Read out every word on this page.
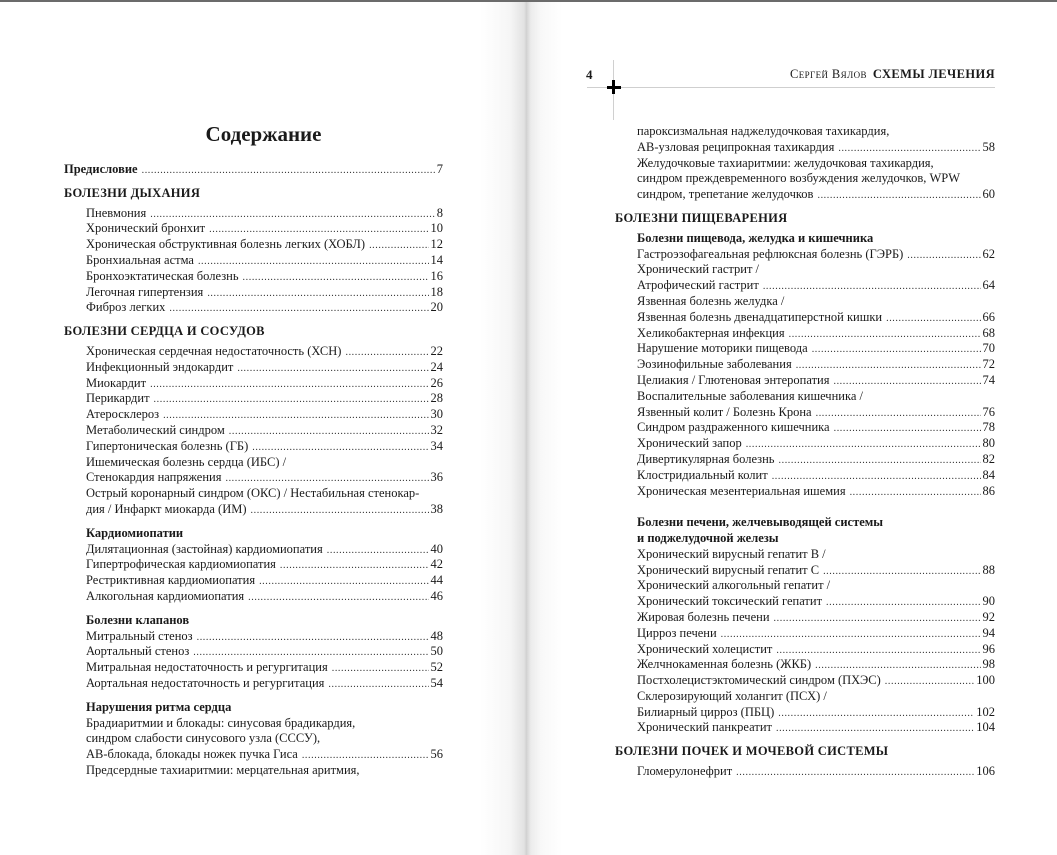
Содержание
Предисловие .....	7
БОЛЕЗНИ ДЫХАНИЯ
Пневмония .....	8
Хронический бронхит .....	10
Хроническая обструктивная болезнь легких (ХОБЛ) .....	12
Бронхиальная астма .....	14
Бронхоэктатическая болезнь .....	16
Легочная гипертензия .....	18
Фиброз легких .....	20
БОЛЕЗНИ СЕРДЦА И СОСУДОВ
Хроническая сердечная недостаточность (ХСН) .....	22
Инфекционный эндокардит .....	24
Миокардит .....	26
Перикардит .....	28
Атеросклероз .....	30
Метаболический синдром .....	32
Гипертоническая болезнь (ГБ) .....	34
Ишемическая болезнь сердца (ИБС) /
Стенокардия напряжения .....	36
Острый коронарный синдром (ОКС) / Нестабильная стенокар-
дия / Инфаркт миокарда (ИМ) .....	38
Кардиомиопатии
Дилятационная (застойная) кардиомиопатия .....	40
Гипертрофическая кардиомиопатия .....	42
Рестриктивная кардиомиопатия .....	44
Алкогольная кардиомиопатия .....	46
Болезни клапанов
Митральный стеноз .....	48
Аортальный стеноз .....	50
Митральная недостаточность и регургитация .....	52
Аортальная недостаточность и регургитация .....	54
Нарушения ритма сердца
Брадиаритмии и блокады: синусовая брадикардия,
синдром слабости синусового узла (СССУ),
АВ-блокада, блокады ножек пучка Гиса .....	56
Предсердные тахиаритмии: мерцательная аритмия,
4	Сергей Вялов СХЕМЫ ЛЕЧЕНИЯ
пароксизмальная наджелудочковая тахикардия,
АВ-узловая реципрокная тахикардия .....	58
Желудочковые тахиаритмии: желудочковая тахикардия,
синдром преждевременного возбуждения желудочков, WPW
синдром, трепетание желудочков .....	60
БОЛЕЗНИ ПИЩЕВАРЕНИЯ
Болезни пищевода, желудка и кишечника
Гастроэзофагеальная рефлюксная болезнь (ГЭРБ) .....	62
Хронический гастрит /
Атрофический гастрит .....	64
Язвенная болезнь желудка /
Язвенная болезнь двенадцатиперстной кишки .....	66
Хеликобактерная инфекция .....	68
Нарушение моторики пищевода .....	70
Эозинофильные заболевания .....	72
Целиакия / Глютеновая энтеропатия .....	74
Воспалительные заболевания кишечника /
Язвенный колит / Болезнь Крона .....	76
Синдром раздраженного кишечника .....	78
Хронический запор .....	80
Дивертикулярная болезнь .....	82
Клостридиальный колит .....	84
Хроническая мезентериальная ишемия .....	86
Болезни печени, желчевыводящей системы
и поджелудочной железы
Хронический вирусный гепатит В /
Хронический вирусный гепатит С .....	88
Хронический алкогольный гепатит /
Хронический токсический гепатит .....	90
Жировая болезнь печени .....	92
Цирроз печени .....	94
Хронический холецистит .....	96
Желчнокаменная болезнь (ЖКБ) .....	98
Постхолецистэктомический синдром (ПХЭС) .....	100
Склерозирующий холангит (ПСХ) /
Билиарный цирроз (ПБЦ) .....	102
Хронический панкреатит .....	104
БОЛЕЗНИ ПОЧЕК И МОЧЕВОЙ СИСТЕМЫ
Гломерулонефрит .....	106
